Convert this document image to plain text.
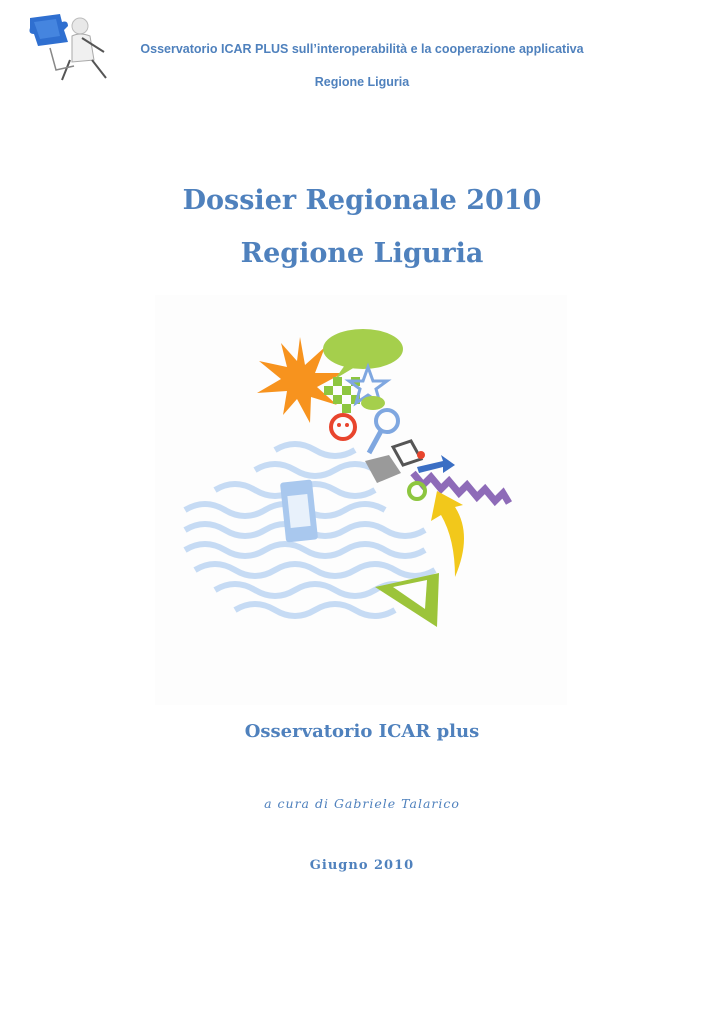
Osservatorio ICAR PLUS sull’interoperabilità e la cooperazione applicativa
Regione Liguria
Dossier Regionale 2010
Regione Liguria
Osservatorio ICAR plus
a cura di Gabriele Talarico
Giugno 2010
